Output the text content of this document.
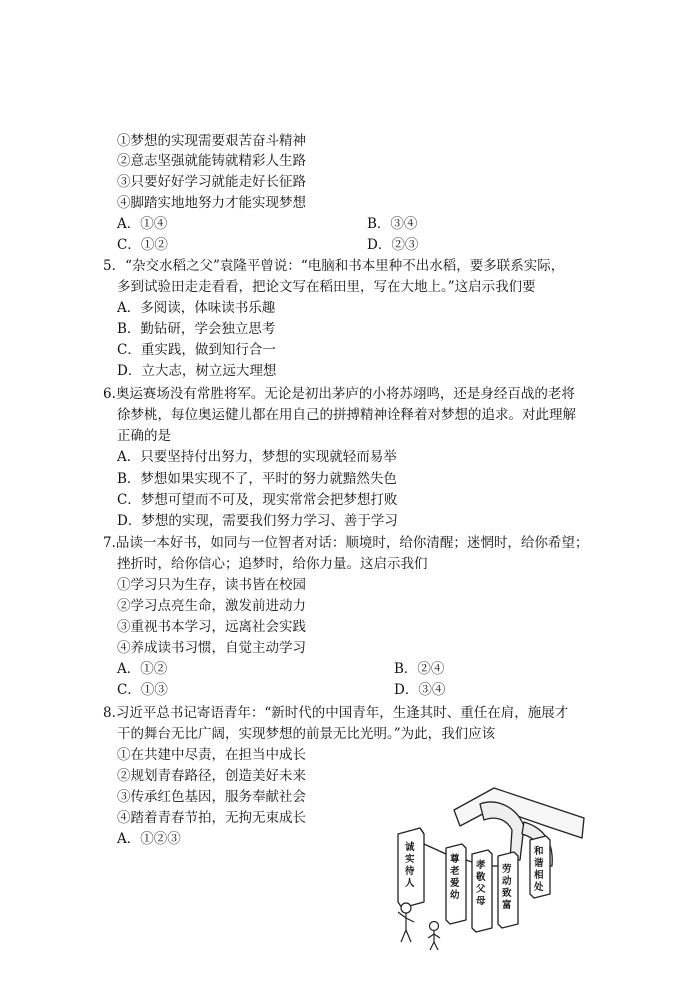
①梦想的实现需要艰苦奋斗精神
②意志坚强就能铸就精彩人生路
③只要好好学习就能走好长征路
④脚踏实地地努力才能实现梦想
A．①④	B．③④
C．①②	D．②③
5．“杂交水稻之父”袁隆平曾说：“电脑和书本里种不出水稻，要多联系实际，
多到试验田走走看看，把论文写在稻田里，写在大地上。”这启示我们要
A．多阅读，体味读书乐趣
B．勤钻研，学会独立思考
C．重实践，做到知行合一
D．立大志，树立远大理想
6.奥运赛场没有常胜将军。无论是初出茅庐的小将苏翊鸣，还是身经百战的老将
徐梦桃，每位奥运健儿都在用自己的拼搏精神诠释着对梦想的追求。对此理解
正确的是
A．只要坚持付出努力，梦想的实现就轻而易举
B．梦想如果实现不了，平时的努力就黯然失色
C．梦想可望而不可及，现实常常会把梦想打败
D．梦想的实现，需要我们努力学习、善于学习
7.品读一本好书，如同与一位智者对话：顺境时，给你清醒；迷惘时，给你希望；
挫折时，给你信心；追梦时，给你力量。这启示我们
①学习只为生存，读书皆在校园
②学习点亮生命，激发前进动力
③重视书本学习，远离社会实践
④养成读书习惯，自觉主动学习
A．①②	B．②④
C．①③	D．③④
8.习近平总书记寄语青年：“新时代的中国青年，生逢其时、重任在肩，施展才
干的舞台无比广阔，实现梦想的前景无比光明。”为此，我们应该
①在共建中尽责，在担当中成长
②规划青春路径，创造美好未来
③传承红色基因，服务奉献社会
④踏着青春节拍，无拘无束成长
A．①②③
诚实待人
尊老爱幼
孝敬父母
劳动致富
和谐相处
